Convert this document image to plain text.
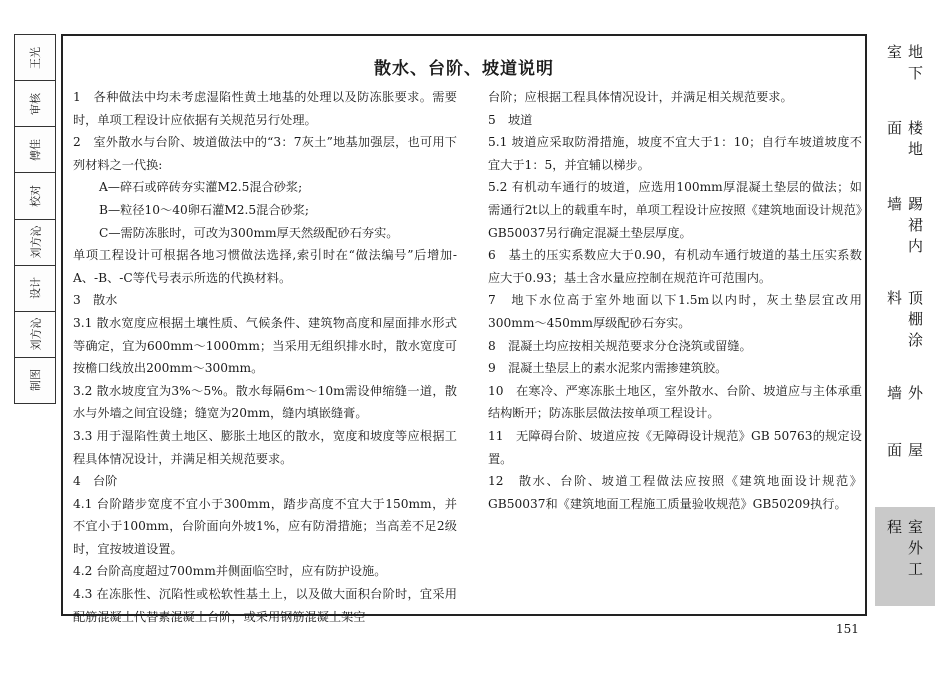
王光
审核
傅佳
校对
刘方沁
设计
刘方沁
制图
散水、台阶、坡道说明

1　各种做法中均未考虑湿陷性黄土地基的处理以及防冻胀要求。需要时，单项工程设计应依据有关规范另行处理。

2　室外散水与台阶、坡道做法中的“3：7灰土”地基加强层，也可用下列材料之一代换:

A—碎石或碎砖夯实灌M2.5混合砂浆;

B—粒径10～40卵石灌M2.5混合砂浆;

C—需防冻胀时，可改为300mm厚天然级配砂石夯实。

单项工程设计可根据各地习惯做法选择,索引时在“做法编号”后增加-A、-B、-C等代号表示所选的代换材料。

3　散水

3.1 散水宽度应根据土壤性质、气候条件、建筑物高度和屋面排水形式等确定，宜为600mm～1000mm；当采用无组织排水时，散水宽度可按檐口线放出200mm～300mm。

3.2 散水坡度宜为3%～5%。散水每隔6m～10m需设伸缩缝一道，散水与外墙之间宜设缝；缝宽为20mm，缝内填嵌缝膏。

3.3 用于湿陷性黄土地区、膨胀土地区的散水，宽度和坡度等应根据工程具体情况设计，并满足相关规范要求。

4　台阶

4.1 台阶踏步宽度不宜小于300mm，踏步高度不宜大于150mm，并不宜小于100mm，台阶面向外坡1%，应有防滑措施；当高差不足2级时，宜按坡道设置。

4.2 台阶高度超过700mm并侧面临空时，应有防护设施。

4.3 在冻胀性、沉陷性或松软性基土上，以及做大面积台阶时，宜采用配筋混凝土代替素混凝土台阶，或采用钢筋混凝土架空

台阶；应根据工程具体情况设计，并满足相关规范要求。

5　坡道

5.1 坡道应采取防滑措施，坡度不宜大于1：10；自行车坡道坡度不宜大于1：5，并宜辅以梯步。

5.2 有机动车通行的坡道，应选用100mm厚混凝土垫层的做法；如需通行2t以上的载重车时，单项工程设计应按照《建筑地面设计规范》GB50037另行确定混凝土垫层厚度。

6　基土的压实系数应大于0.90，有机动车通行坡道的基土压实系数应大于0.93；基土含水量应控制在规范许可范围内。

7　地下水位高于室外地面以下1.5m以内时，灰土垫层宜改用300mm～450mm厚级配砂石夯实。

8　混凝土均应按相关规范要求分仓浇筑或留缝。

9　混凝土垫层上的素水泥浆内需掺建筑胶。

10　在寒冷、严寒冻胀土地区，室外散水、台阶、坡道应与主体承重结构断开；防冻胀层做法按单项工程设计。

11　无障碍台阶、坡道应按《无障碍设计规范》GB 50763的规定设置。

12　散水、台阶、坡道工程做法应按照《建筑地面设计规范》GB50037和《建筑地面工程施工质量验收规范》GB50209执行。

151
地下室
楼地面
踢裙内墙
顶棚涂料
外墙
屋面
室外工程
